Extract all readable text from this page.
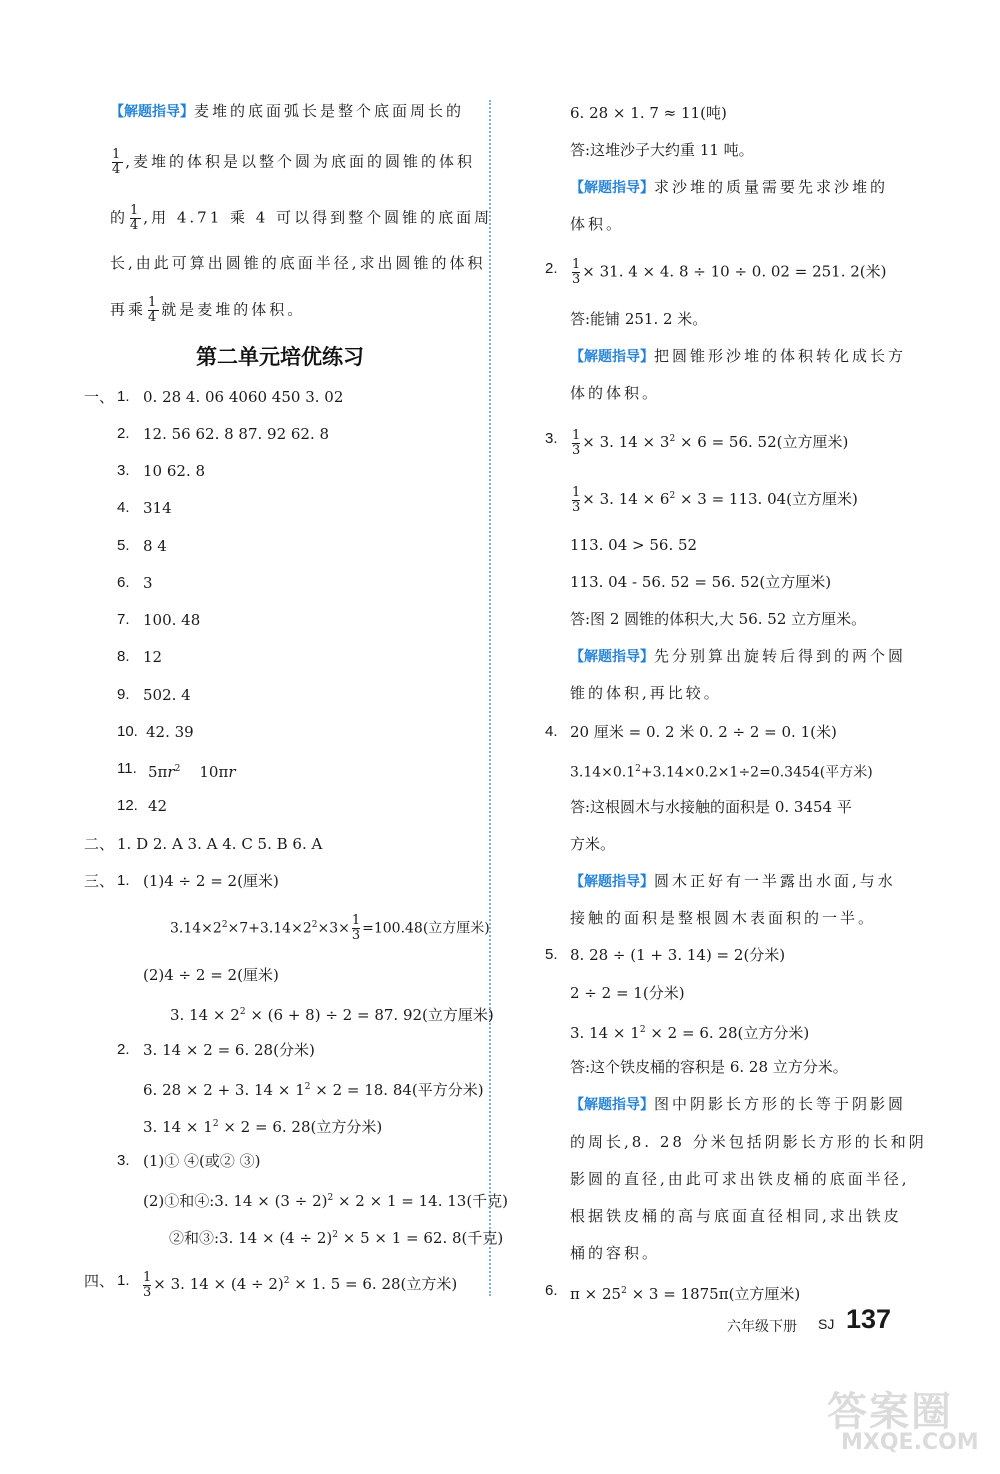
【解题指导】麦堆的底面弧长是整个底面周长的
$\frac{1}{4}$ ,麦堆的体积是以整个圆为底面的圆锥的体积
的 $\frac{1}{4}$ ,用 4.71 乘 4 可以得到整个圆锥的底面周
长,由此可算出圆锥的底面半径,求出圆锥的体积
再乘 $\frac{1}{4}$ 就是麦堆的体积。
第二单元培优练习
一、 1. 0. 28 4. 06 4060 450 3. 02
2. 12. 56 62. 8 87. 92 62. 8
3. 10 62. 8
4. 314
5. 8 4
6. 3
7. 100. 48
8. 12
9. 502. 4
10. 42. 39
11. $5\pi r^2$ 10πr
12. 42
二、 1. D 2. A 3. A 4. C 5. B 6. A
三、 1. (1)4 ÷ 2 = 2(厘米)
$3.14\times 2^2\times 7+3.14\times 2^2\times 3\times \frac{1}{3} =100.48$(立方厘米)
(2)4 ÷ 2 = 2(厘米)
3. $14 \times 2^2 \times (6 + 8) \div 2 = 87$. 92(立方厘米)
2. 3. 14 × 2 = 6. 28(分米)
6. 28 × 2 + 3. $14 \times 1^2 \times 2 = 18$. 84(平方分米)
3. $14 \times 1^2 \times 2 = 6$. 28(立方分米)
3. (1)① ④(或② ③)
(2)①和④:3. $14 \times (3 \div 2)^2 \times 2 \times 1 = 14$. 13(千克)
②和③:3. $14 \times (4 \div 2)^2 \times 5 \times 1 = 62$. 8(千克)
四、 1. $\frac{1}{3} \times 3$. $14 \times (4 \div 2)^2 \times 1$. 5 = 6. 28(立方米)
6. 28 × 1. 7 ≈ 11(吨)
答:这堆沙子大约重 11 吨。
【解题指导】求沙堆的质量需要先求沙堆的
体积。
2. $\frac{1}{3} \times 31$. 4 × 4. 8 ÷ 10 ÷ 0. 02 = 251. 2(米)
答:能铺 251. 2 米。
【解题指导】把圆锥形沙堆的体积转化成长方
体的体积。
3. $\frac{1}{3} \times 3$. $14 \times 3^2 \times 6 = 56$. 52(立方厘米)
$\frac{1}{3} \times 3$. $14 \times 6^2 \times 3 = 113$. 04(立方厘米)
113. 04 > 56. 52
113. 04 - 56. 52 = 56. 52(立方厘米)
答:图 2 圆锥的体积大,大 56. 52 立方厘米。
【解题指导】先分别算出旋转后得到的两个圆
锥的体积,再比较。
4. 20 厘米 = 0. 2 米 0. 2 ÷ 2 = 0. 1(米)
$3.14\times 0.1^2+3.14\times 0.2\times 1\div 2=0.3454$(平方米)
答:这根圆木与水接触的面积是 0. 3454 平
方米。
【解题指导】圆木正好有一半露出水面,与水
接触的面积是整根圆木表面积的一半。
5. 8. 28 ÷ (1 + 3. 14) = 2(分米)
2 ÷ 2 = 1(分米)
3. $14 \times 1^2 \times 2 = 6$. 28(立方分米)
答:这个铁皮桶的容积是 6. 28 立方分米。
【解题指导】图中阴影长方形的长等于阴影圆
的周长,8. 28 分米包括阴影长方形的长和阴
影圆的直径,由此可求出铁皮桶的底面半径,
根据铁皮桶的高与底面直径相同,求出铁皮
桶的容积。
6. $\pi \times 25^2 \times 3 = 1875\pi$(立方厘米)
六年级下册 SJ 137
答案圈
MXQE.COM
